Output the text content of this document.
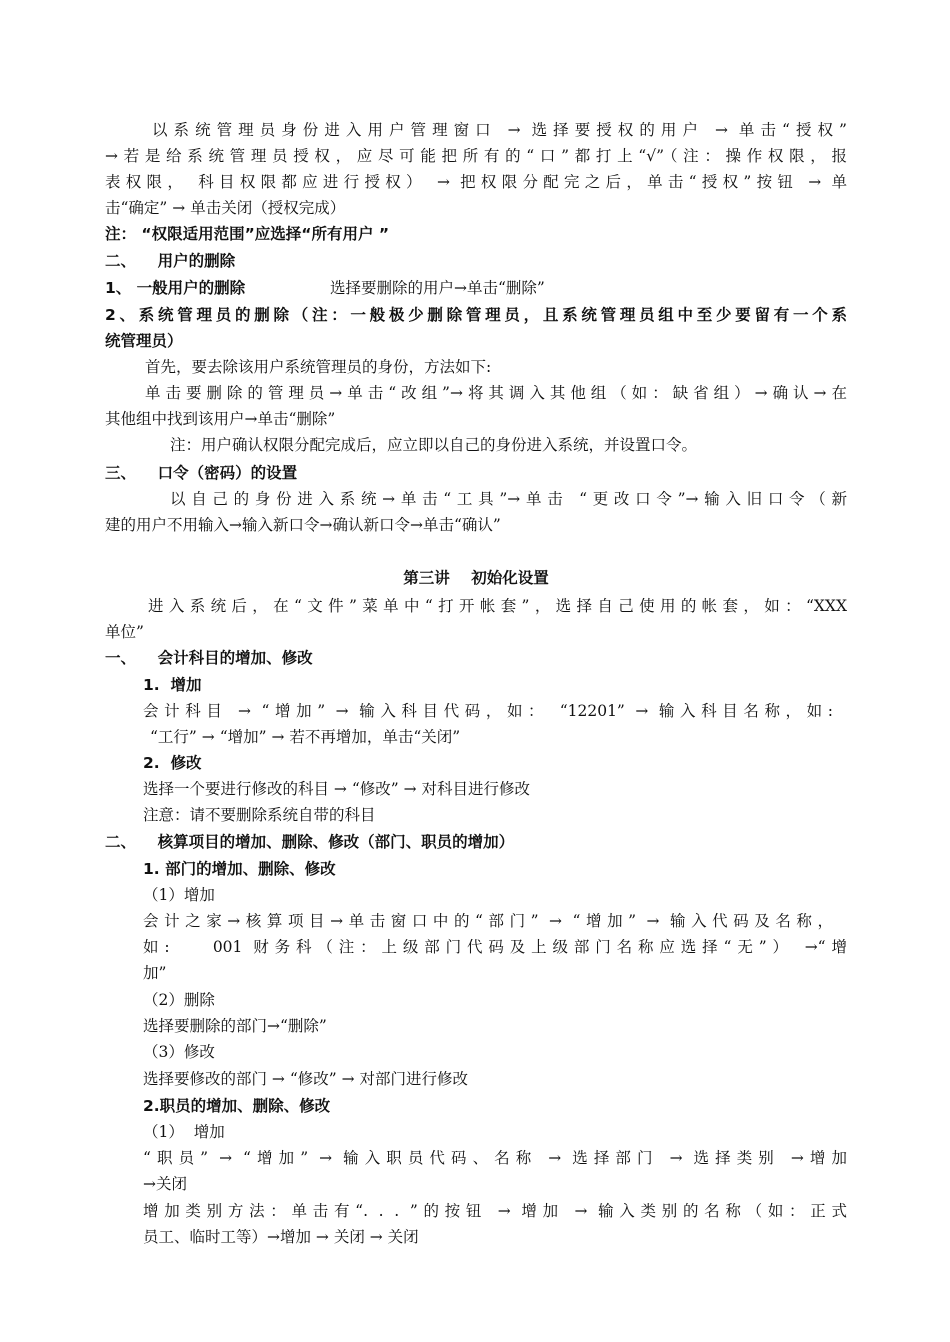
以系统管理员身份进入用户管理窗口 → 选择要授权的用户 → 单击“授权”
→若是给系统管理员授权，应尽可能把所有的“口”都打上“√”（注：操作权限，报
表权限， 科目权限都应进行授权） → 把权限分配完之后，单击“授权”按钮 → 单
击“确定” → 单击关闭（授权完成）
注： “权限适用范围”应选择“所有用户 ”
二、    用户的删除
1、 一般用户的删除	选择要删除的用户→单击“删除”
2、系统管理员的删除（注：一般极少删除管理员，且系统管理员组中至少要留有一个系
统管理员）
首先，要去除该用户系统管理员的身份，方法如下:
单击要删除的管理员→单击“改组”→将其调入其他组（如：缺省组）→确认→在
其他组中找到该用户→单击“删除”
注：用户确认权限分配完成后，应立即以自己的身份进入系统，并设置口令。
三、    口令（密码）的设置
以自己的身份进入系统→单击“工具”→单击 “更改口令”→输入旧口令（新
建的用户不用输入→输入新口令→确认新口令→单击“确认”
第三讲    初始化设置
进入系统后，在“文件”菜单中“打开帐套”，选择自己使用的帐套，如：“XXX
单位”
一、    会计科目的增加、修改
1.  增加
会计科目 → “增加” → 输入科目代码，如： “12201” → 输入科目名称，如:
“工行” → “增加” → 若不再增加，单击“关闭”
2.  修改
选择一个要进行修改的科目 → “修改” → 对科目进行修改
注意：请不要删除系统自带的科目
二、    核算项目的增加、删除、修改（部门、职员的增加）
1. 部门的增加、删除、修改
（1）增加
会计之家→核算项目→单击窗口中的“部门” → “增加” → 输入代码及名称，
如:    001 财务科（注：上级部门代码及上级部门名称应选择“无”） →“增
加”
（2）删除
选择要删除的部门→“删除”
（3）修改
选择要修改的部门 → “修改” → 对部门进行修改
2.职员的增加、删除、修改
（1）  增加
“职员” → “增加” → 输入职员代码、名称 → 选择部门 → 选择类别 →增加
→关闭
增加类别方法：单击有“. . . ”的按钮 → 增加 → 输入类别的名称（如：正式
员工、临时工等）→增加 → 关闭 → 关闭
